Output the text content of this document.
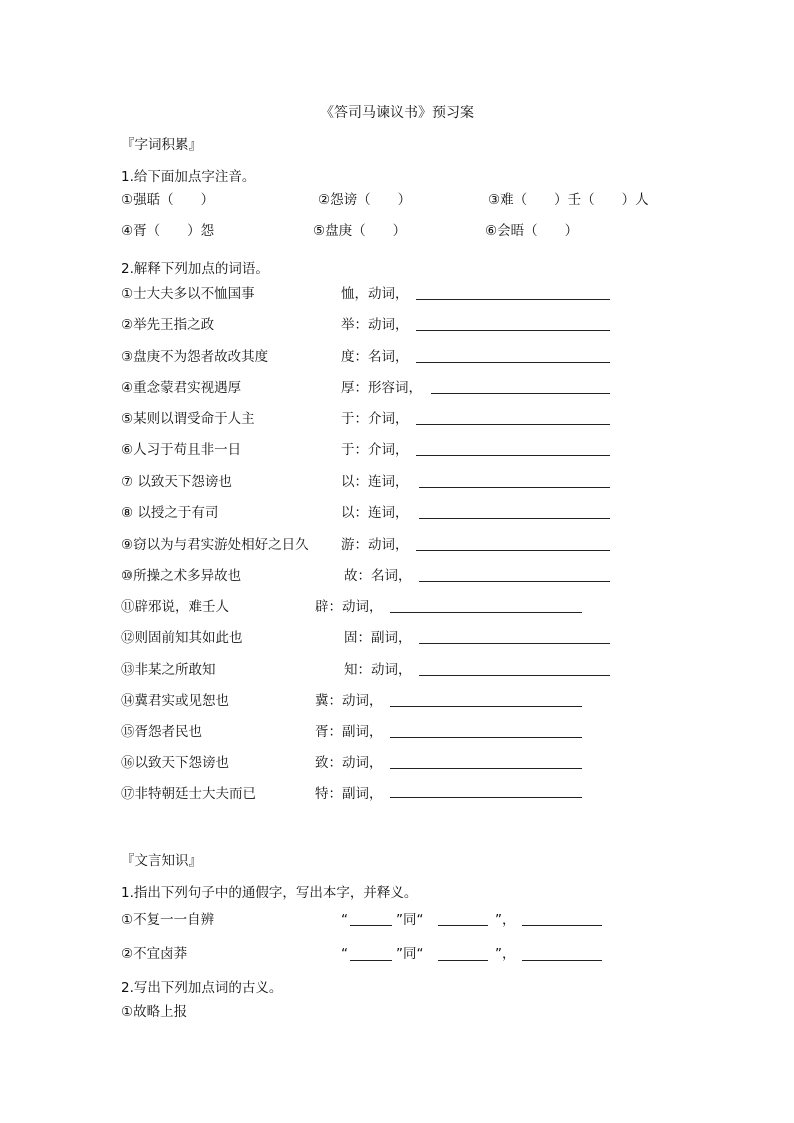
《答司马谏议书》预习案
『字词积累』
1.给下面加点字注音。
①强聒（　　）	②怨谤（　　）	③难（　　）壬（　　）人
④胥（　　）怨	⑤盘庚（　　）	⑥会晤（　　）
2.解释下列加点的词语。
①士大夫多以不恤国事	恤，动词，
②举先王指之政	举：动词，
③盘庚不为怨者故改其度	度：名词，
④重念蒙君实视遇厚	厚：形容词，
⑤某则以谓受命于人主	于：介词，
⑥人习于苟且非一日	于：介词，
⑦ 以致天下怨谤也	以：连词，
⑧ 以授之于有司	以：连词，
⑨窃以为与君实游处相好之日久 游：动词，
⑩所操之术多异故也	故：名词，
⑪辟邪说，难壬人	辟：动词，
⑫则固前知其如此也	固：副词，
⑬非某之所敢知	知：动词，
⑭冀君实或见恕也	冀：动词，
⑮胥怨者民也	胥：副词，
⑯以致天下怨谤也	致：动词，
⑰非特朝廷士大夫而已	特：副词，
『文言知识』
1.指出下列句子中的通假字，写出本字，并释义。
①不复一一自辨	“	”同“	”，
②不宜卤莽	“	”同“	”，
2.写出下列加点词的古义。
①故略上报
